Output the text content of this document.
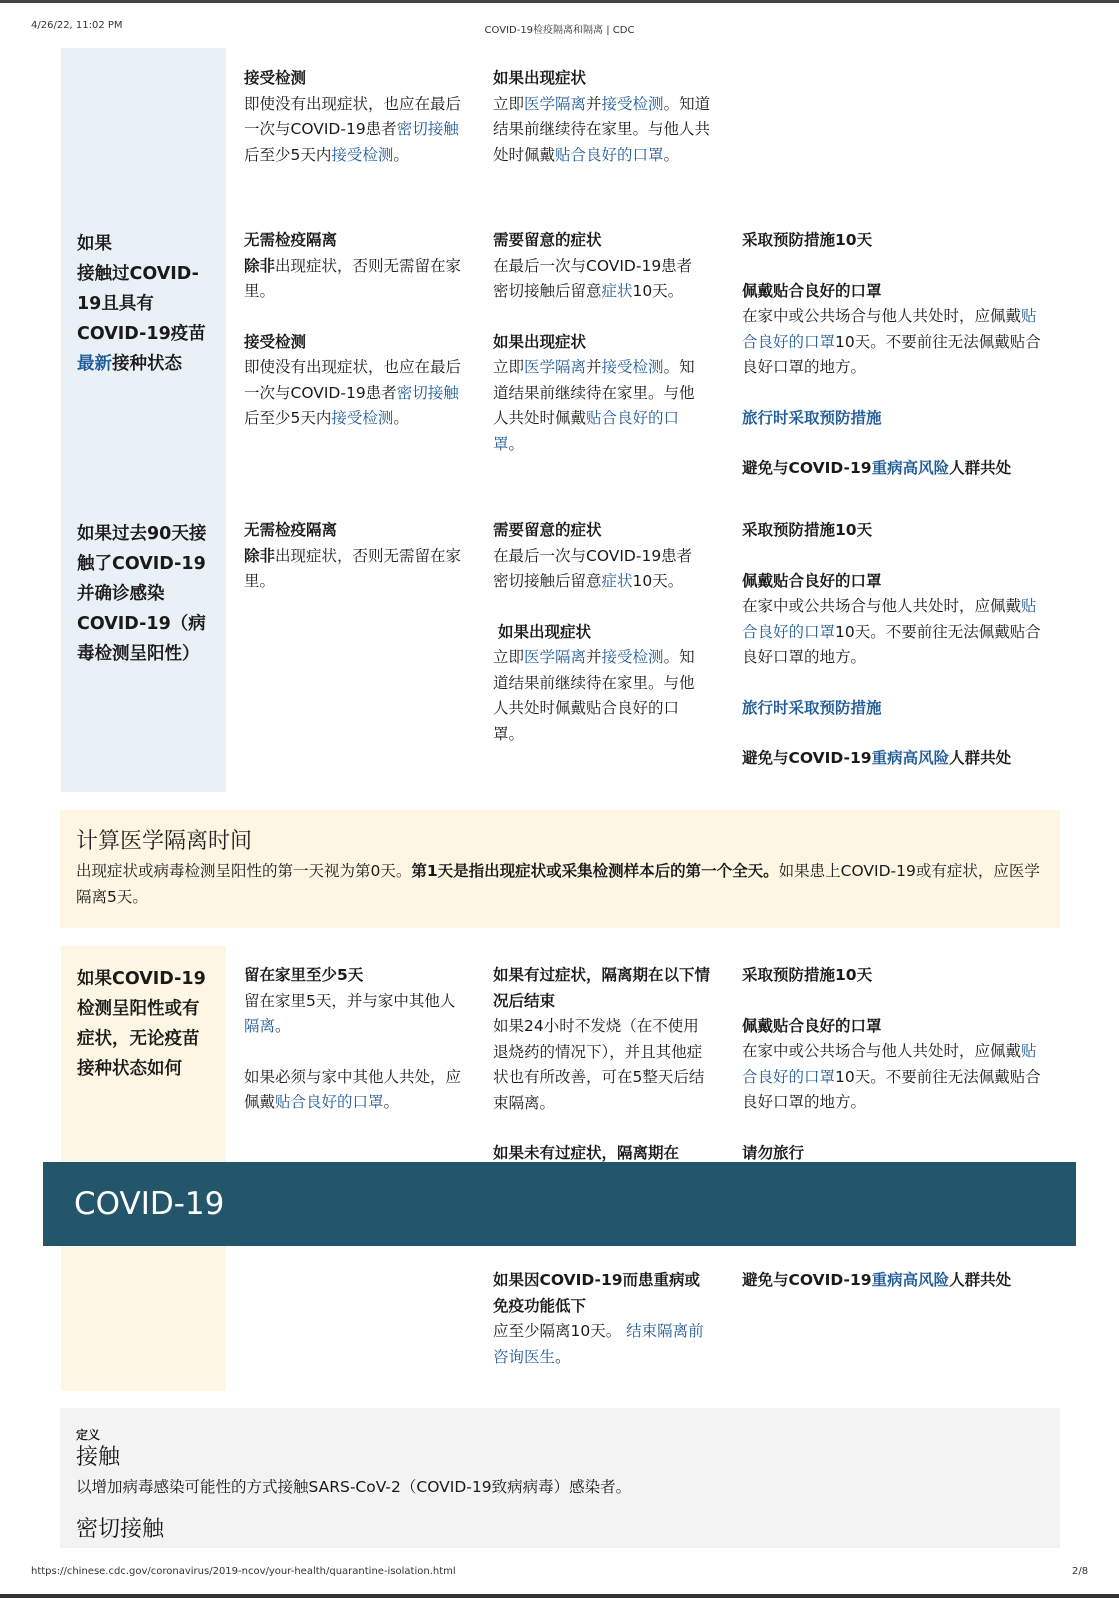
4/26/22, 11:02 PM	COVID-19检疫隔离和隔离 | CDC

接受检测

即使没有出现症状，也应在最后一次与COVID-19患者密切接触后至少5天内接受检测。

如果出现症状

立即医学隔离并接受检测。知道结果前继续待在家里。与他人共处时佩戴贴合良好的口罩。

如果
接触过COVID-19且具有COVID-19疫苗最新接种状态

无需检疫隔离

除非出现症状，否则无需留在家里。

接受检测

即使没有出现症状，也应在最后一次与COVID-19患者密切接触后至少5天内接受检测。

需要留意的症状

在最后一次与COVID-19患者密切接触后留意症状10天。

如果出现症状

立即医学隔离并接受检测。知道结果前继续待在家里。与他人共处时佩戴贴合良好的口罩。

采取预防措施10天

佩戴贴合良好的口罩

在家中或公共场合与他人共处时，应佩戴贴合良好的口罩10天。不要前往无法佩戴贴合良好口罩的地方。

旅行时采取预防措施

避免与COVID-19重病高风险人群共处

如果过去90天接触了COVID-19并确诊感染COVID-19（病毒检测呈阳性）

无需检疫隔离

除非出现症状，否则无需留在家里。

需要留意的症状

在最后一次与COVID-19患者密切接触后留意症状10天。

如果出现症状

立即医学隔离并接受检测。知道结果前继续待在家里。与他人共处时佩戴贴合良好的口罩。

采取预防措施10天

佩戴贴合良好的口罩

在家中或公共场合与他人共处时，应佩戴贴合良好的口罩10天。不要前往无法佩戴贴合良好口罩的地方。

旅行时采取预防措施

避免与COVID-19重病高风险人群共处

计算医学隔离时间
出现症状或病毒检测呈阳性的第一天视为第0天。第1天是指出现症状或采集检测样本后的第一个全天。如果患上COVID-19或有症状，应医学隔离5天。
如果COVID-19检测呈阳性或有症状，无论疫苗接种状态如何

留在家里至少5天

留在家里5天，并与家中其他人隔离。

如果必须与家中其他人共处，应佩戴贴合良好的口罩。

如果有过症状，隔离期在以下情况后结束

如果24小时不发烧（在不使用退烧药的情况下），并且其他症状也有所改善，可在5整天后结束隔离。

如果未有过症状，隔离期在

采取预防措施10天

佩戴贴合良好的口罩

在家中或公共场合与他人共处时，应佩戴贴合良好的口罩10天。不要前往无法佩戴贴合良好口罩的地方。

请勿旅行

COVID-19

如果因COVID-19而患重病或免疫功能低下

应至少隔离10天。 结束隔离前咨询医生。

避免与COVID-19重病高风险人群共处

定义
接触
以增加病毒感染可能性的方式接触SARS-CoV-2（COVID-19致病病毒）感染者。
密切接触
https://chinese.cdc.gov/coronavirus/2019-ncov/your-health/quarantine-isolation.html	2/8
